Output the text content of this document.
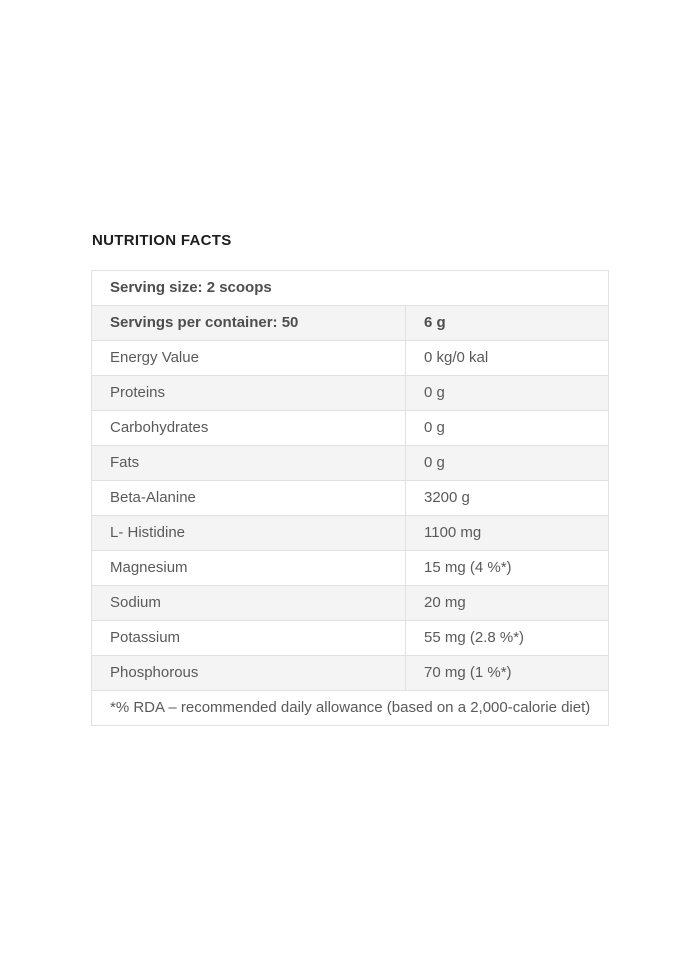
NUTRITION FACTS
Serving size: 2 scoops	
Servings per container: 50	6 g
Energy Value	0 kg/0 kal
Proteins	0 g
Carbohydrates	0 g
Fats	0 g
Beta-Alanine	3200 g
L- Histidine	1100 mg
Magnesium	15 mg (4 %*)
Sodium	20 mg
Potassium	55 mg (2.8 %*)
Phosphorous	70 mg (1 %*)
*% RDA – recommended daily allowance (based on a 2,000-calorie diet)	
